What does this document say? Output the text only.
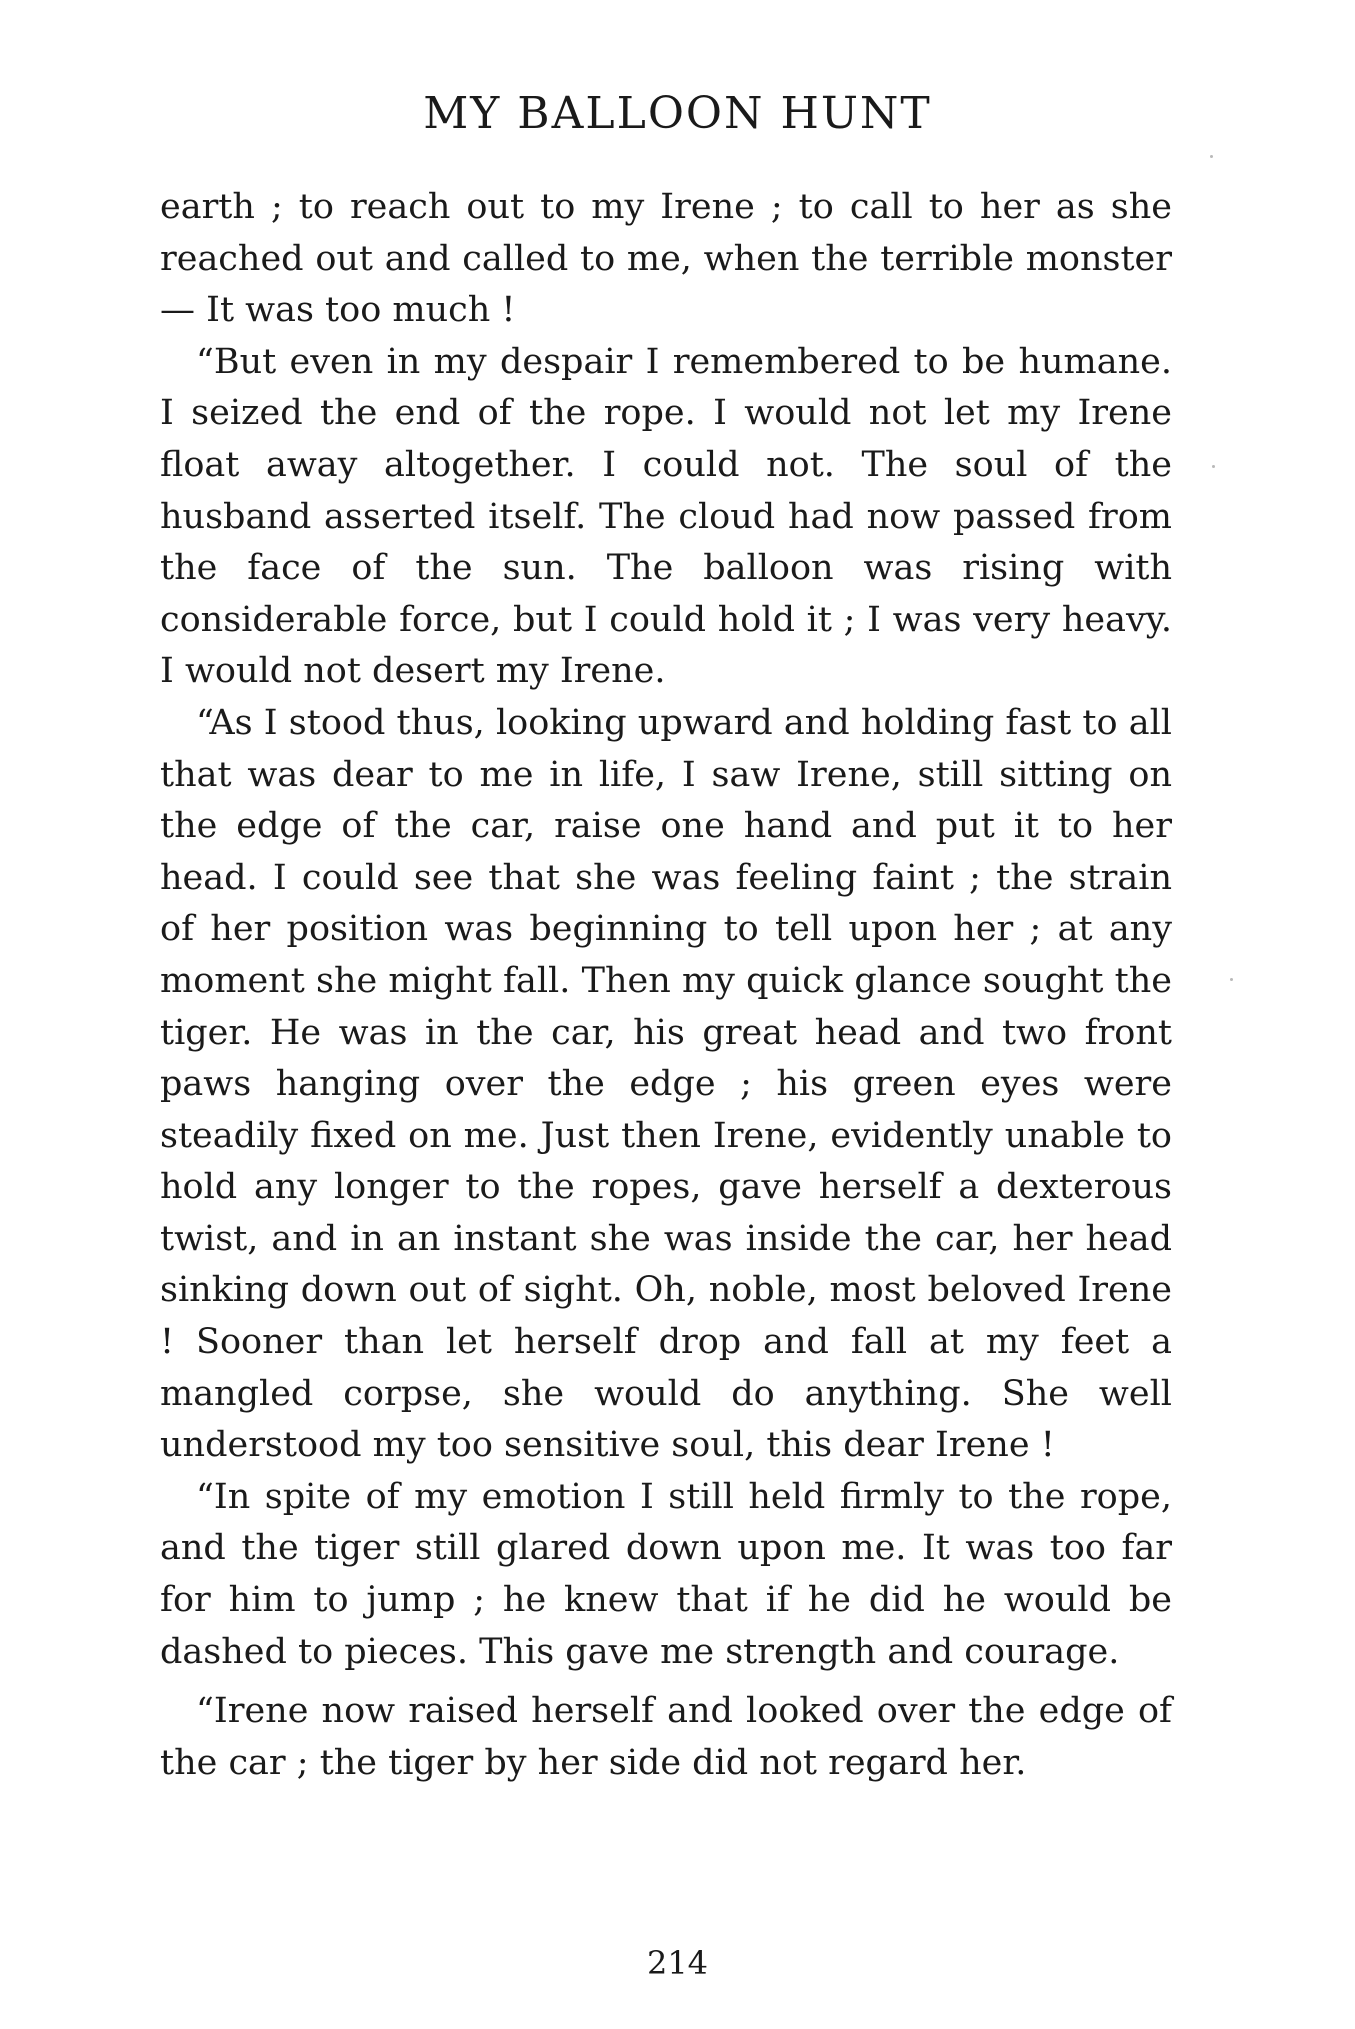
MY BALLOON HUNT

earth ; to reach out to my Irene ; to call to her as she reached out and called to me, when the terrible monster— It was too much !

“But even in my despair I remembered to be humane. I seized the end of the rope. I would not let my Irene float away altogether. I could not. The soul of the husband asserted itself. The cloud had now passed from the face of the sun. The balloon was rising with considerable force, but I could hold it ; I was very heavy. I would not desert my Irene.

“As I stood thus, looking upward and holding fast to all that was dear to me in life, I saw Irene, still sitting on the edge of the car, raise one hand and put it to her head. I could see that she was feeling faint ; the strain of her position was beginning to tell upon her ; at any moment she might fall. Then my quick glance sought the tiger. He was in the car, his great head and two front paws hanging over the edge ; his green eyes were steadily fixed on me. Just then Irene, evidently unable to hold any longer to the ropes, gave herself a dexterous twist, and in an instant she was inside the car, her head sinking down out of sight. Oh, noble, most beloved Irene ! Sooner than let herself drop and fall at my feet a mangled corpse, she would do anything. She well understood my too sensitive soul, this dear Irene !

“In spite of my emotion I still held firmly to the rope, and the tiger still glared down upon me. It was too far for him to jump ; he knew that if he did he would be dashed to pieces. This gave me strength and courage.

“Irene now raised herself and looked over the edge of the car ; the tiger by her side did not regard her.

214
